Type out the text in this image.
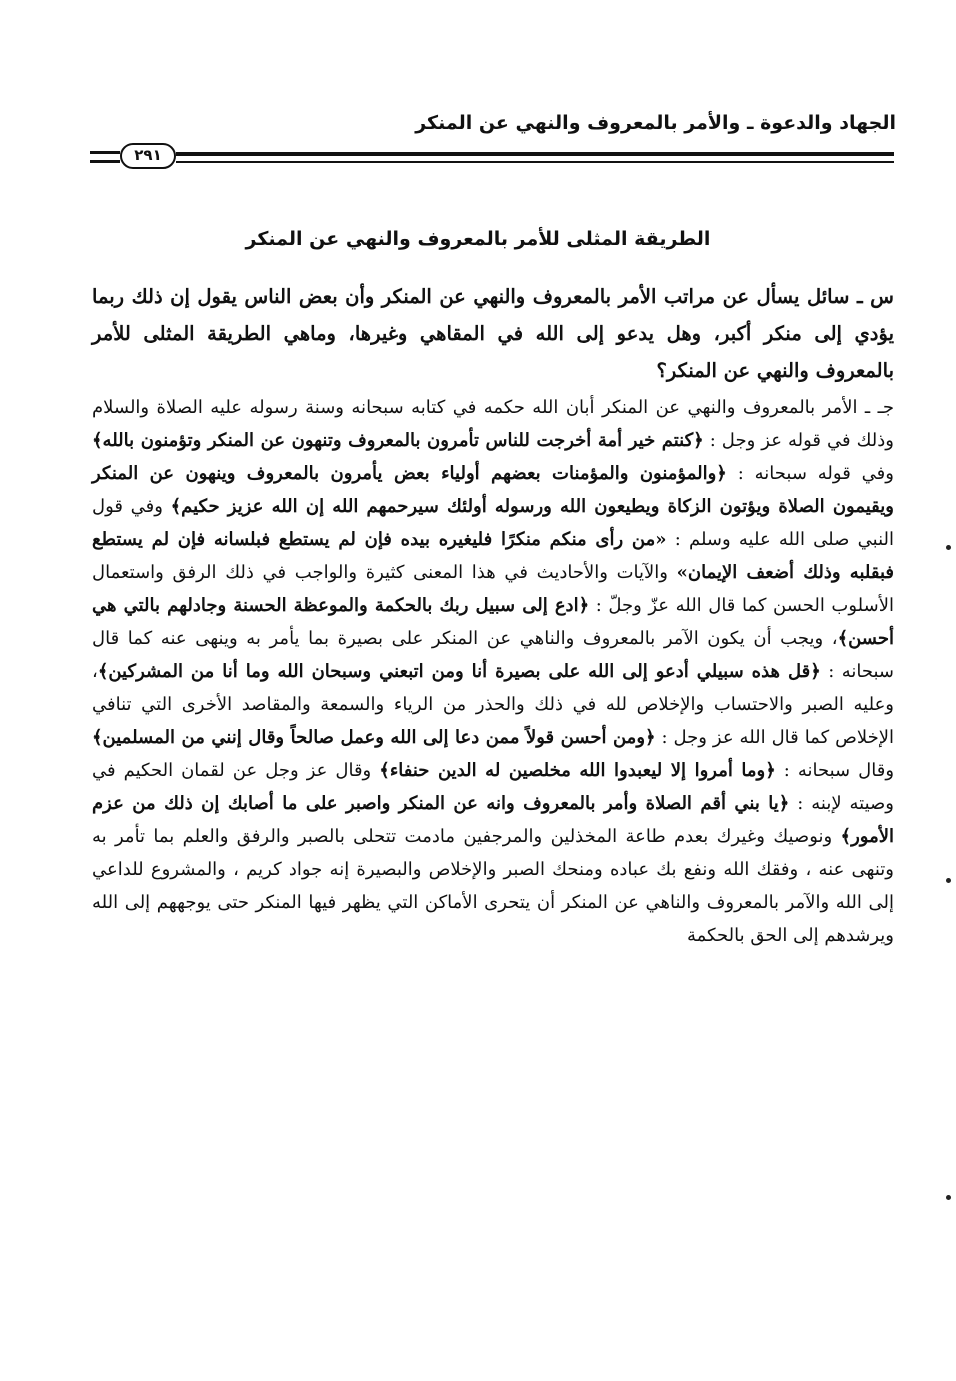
الجهاد والدعوة ـ والأمر بالمعروف والنهي عن المنكر
٢٩١
الطريقة المثلى للأمر بالمعروف والنهي عن المنكر

س ـ سائل يسأل عن مراتب الأمر بالمعروف والنهي عن المنكر وأن بعض الناس يقول إن ذلك ربما يؤدي إلى منكر أكبر، وهل يدعو إلى الله في المقاهي وغيرها، وماهي الطريقة المثلى للأمر بالمعروف والنهي عن المنكر؟

جـ ـ الأمر بالمعروف والنهي عن المنكر أبان الله حكمه في كتابه سبحانه وسنة رسوله عليه الصلاة والسلام وذلك في قوله عز وجل : ﴿كنتم خير أمة أخرجت للناس تأمرون بالمعروف وتنهون عن المنكر وتؤمنون بالله﴾ وفي قوله سبحانه : ﴿والمؤمنون والمؤمنات بعضهم أولياء بعض يأمرون بالمعروف وينهون عن المنكر ويقيمون الصلاة ويؤتون الزكاة ويطيعون الله ورسوله أولئك سيرحمهم الله إن الله عزيز حكيم﴾ وفي قول النبي صلى الله عليه وسلم : «من رأى منكم منكرًا فليغيره بيده فإن لم يستطع فبلسانه فإن لم يستطع فبقلبه وذلك أضعف الإيمان» والآيات والأحاديث في هذا المعنى كثيرة والواجب في ذلك الرفق واستعمال الأسلوب الحسن كما قال الله عزّ وجلّ : ﴿ادع إلى سبيل ربك بالحكمة والموعظة الحسنة وجادلهم بالتي هي أحسن﴾، ويجب أن يكون الآمر بالمعروف والناهي عن المنكر على بصيرة بما يأمر به وينهى عنه كما قال سبحانه : ﴿قل هذه سبيلي أدعو إلى الله على بصيرة أنا ومن اتبعني وسبحان الله وما أنا من المشركين﴾، وعليه الصبر والاحتساب والإخلاص لله في ذلك والحذر من الرياء والسمعة والمقاصد الأخرى التي تنافي الإخلاص كما قال الله عز وجل : ﴿ومن أحسن قولاً ممن دعا إلى الله وعمل صالحاً وقال إنني من المسلمين﴾ وقال سبحانه : ﴿وما أمروا إلا ليعبدوا الله مخلصين له الدين حنفاء﴾ وقال عز وجل عن لقمان الحكيم في وصيته لإبنه : ﴿يا بني أقم الصلاة وأمر بالمعروف وانه عن المنكر واصبر على ما أصابك إن ذلك من عزم الأمور﴾ ونوصيك وغيرك بعدم طاعة المخذلين والمرجفين مادمت تتحلى بالصبر والرفق والعلم بما تأمر به وتنهى عنه ، وفقك الله ونفع بك عباده ومنحك الصبر والإخلاص والبصيرة إنه جواد كريم ، والمشروع للداعي إلى الله والآمر بالمعروف والناهي عن المنكر أن يتحرى الأماكن التي يظهر فيها المنكر حتى يوجههم إلى الله ويرشدهم إلى الحق بالحكمة
